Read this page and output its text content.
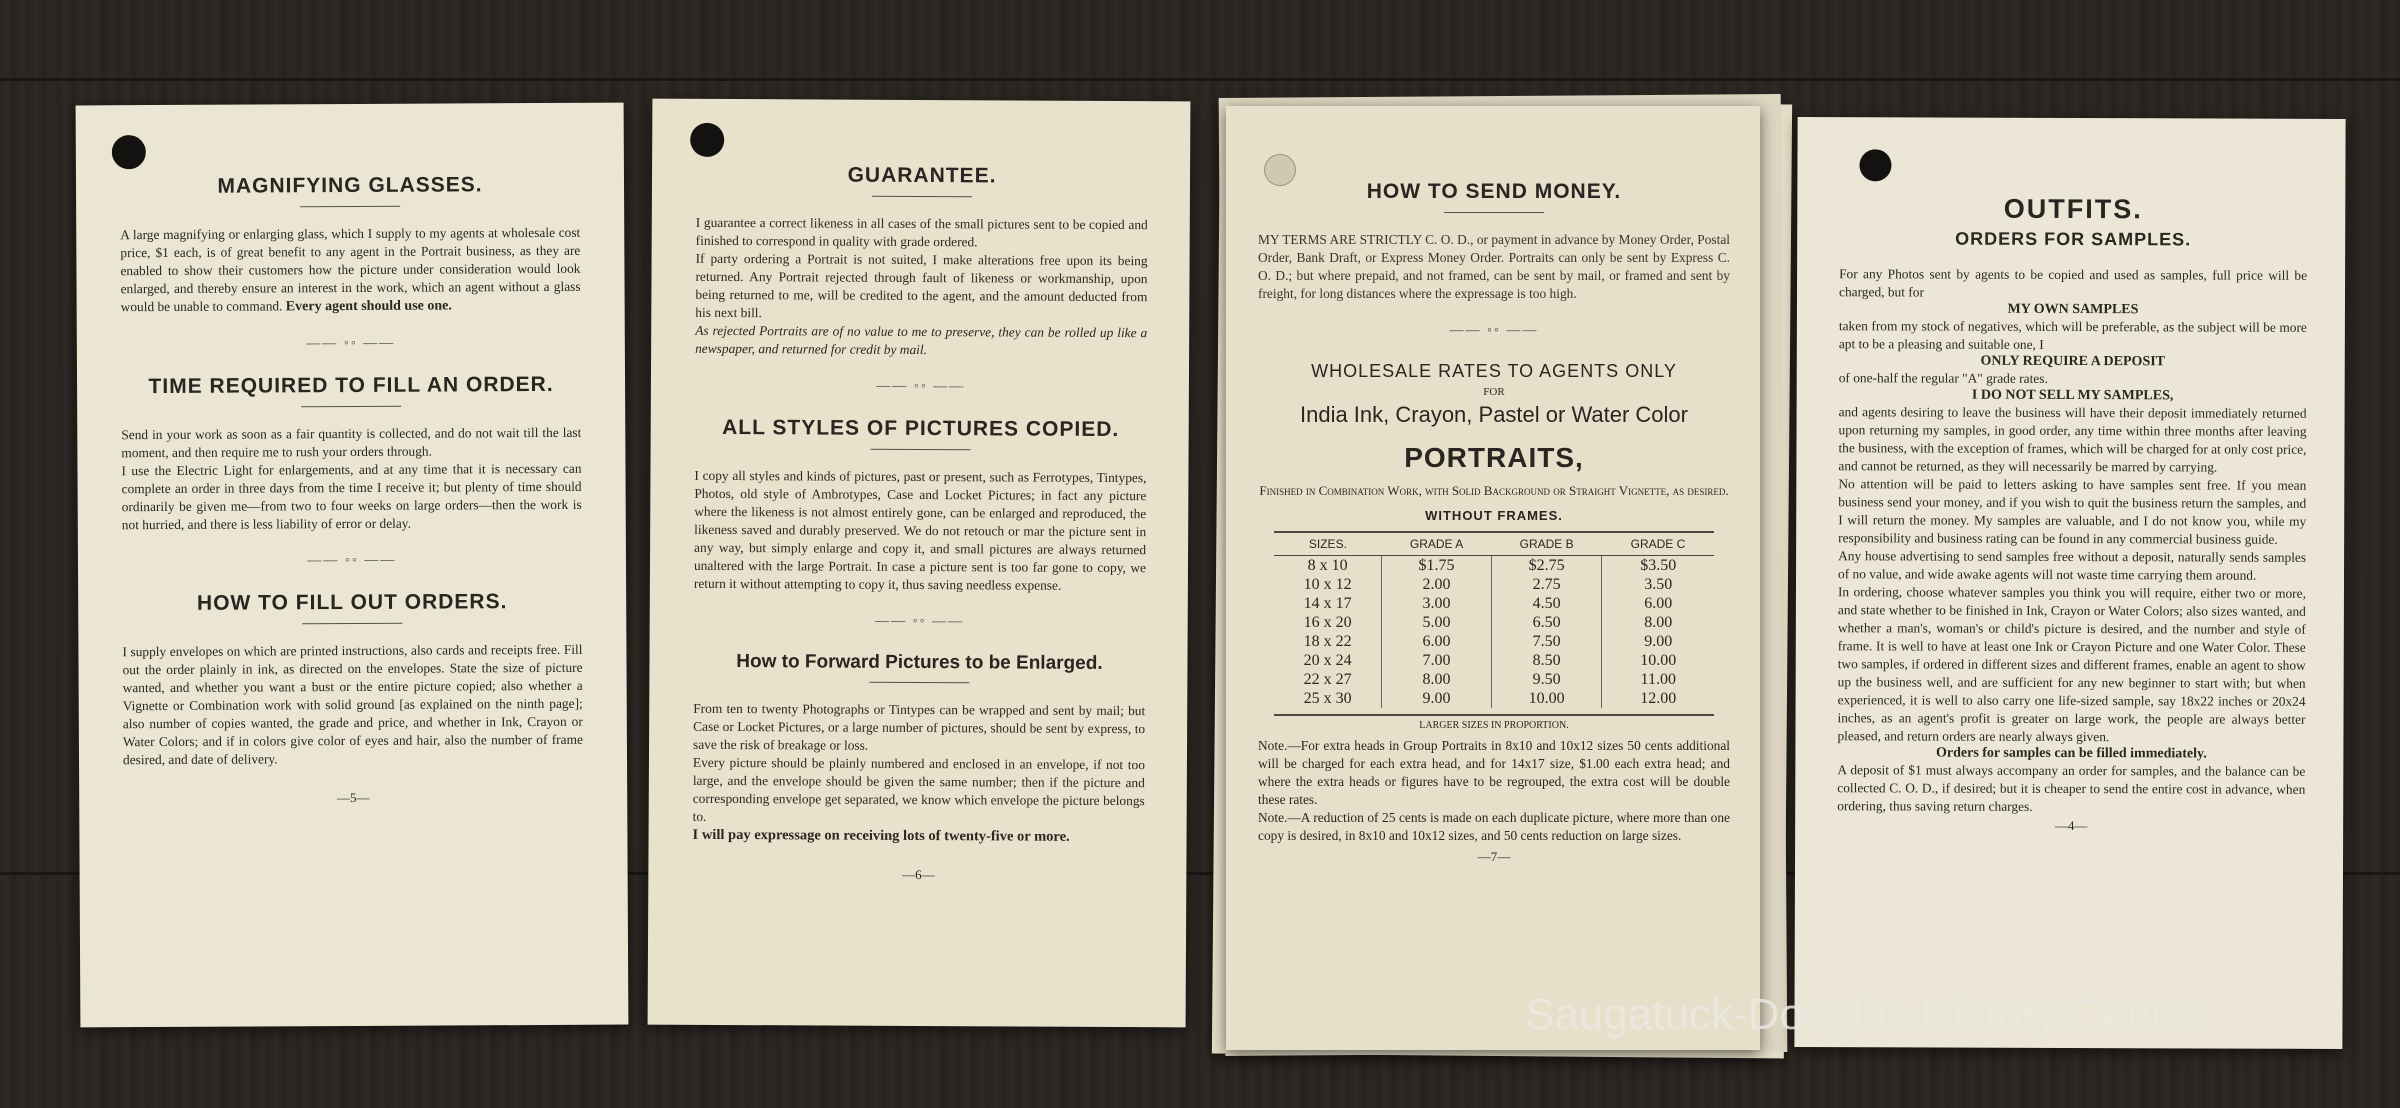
MAGNIFYING GLASSES.

A large magnifying or enlarging glass, which I supply to my agents at wholesale cost price, $1 each, is of great benefit to any agent in the Portrait business, as they are enabled to show their customers how the picture under consideration would look enlarged, and thereby ensure an interest in the work, which an agent without a glass would be unable to command. Every agent should use one.

—— ◦◦ ——
TIME REQUIRED TO FILL AN ORDER.

Send in your work as soon as a fair quantity is collected, and do not wait till the last moment, and then require me to rush your orders through.

I use the Electric Light for enlargements, and at any time that it is necessary can complete an order in three days from the time I receive it; but plenty of time should ordinarily be given me—from two to four weeks on large orders—then the work is not hurried, and there is less liability of error or delay.

—— ◦◦ ——
HOW TO FILL OUT ORDERS.

I supply envelopes on which are printed instructions, also cards and receipts free. Fill out the order plainly in ink, as directed on the envelopes. State the size of picture wanted, and whether you want a bust or the entire picture copied; also whether a Vignette or Combination work with solid ground [as explained on the ninth page]; also number of copies wanted, the grade and price, and whether in Ink, Crayon or Water Colors; and if in colors give color of eyes and hair, also the number of frame desired, and date of delivery.

—5—
GUARANTEE.

I guarantee a correct likeness in all cases of the small pictures sent to be copied and finished to correspond in quality with grade ordered.

If party ordering a Portrait is not suited, I make alterations free upon its being returned. Any Portrait rejected through fault of likeness or workmanship, upon being returned to me, will be credited to the agent, and the amount deducted from his next bill.

As rejected Portraits are of no value to me to preserve, they can be rolled up like a newspaper, and returned for credit by mail.

—— ◦◦ ——
ALL STYLES OF PICTURES COPIED.

I copy all styles and kinds of pictures, past or present, such as Ferrotypes, Tintypes, Photos, old style of Ambrotypes, Case and Locket Pictures; in fact any picture where the likeness is not almost entirely gone, can be enlarged and reproduced, the likeness saved and durably preserved. We do not retouch or mar the picture sent in any way, but simply enlarge and copy it, and small pictures are always returned unaltered with the large Portrait. In case a picture sent is too far gone to copy, we return it without attempting to copy it, thus saving needless expense.

—— ◦◦ ——
How to Forward Pictures to be Enlarged.

From ten to twenty Photographs or Tintypes can be wrapped and sent by mail; but Case or Locket Pictures, or a large number of pictures, should be sent by express, to save the risk of breakage or loss.

Every picture should be plainly numbered and enclosed in an envelope, if not too large, and the envelope should be given the same number; then if the picture and corresponding envelope get separated, we know which envelope the picture belongs to.

I will pay expressage on receiving lots of twenty-five or more.

—6—
HOW TO SEND MONEY.

MY TERMS ARE STRICTLY C. O. D., or payment in advance by Money Order, Postal Order, Bank Draft, or Express Money Order. Portraits can only be sent by Express C. O. D.; but where prepaid, and not framed, can be sent by mail, or framed and sent by freight, for long distances where the expressage is too high.

—— ◦◦ ——
WHOLESALE RATES TO AGENTS ONLY
FOR
India Ink, Crayon, Pastel or Water Color
PORTRAITS,
Finished in Combination Work, with Solid Background or Straight Vignette, as desired.
WITHOUT FRAMES.
SIZES.	GRADE A	GRADE B	GRADE C
8 x 10	$1.75	$2.75	$3.50
10 x 12	2.00	2.75	3.50
14 x 17	3.00	4.50	6.00
16 x 20	5.00	6.50	8.00
18 x 22	6.00	7.50	9.00
20 x 24	7.00	8.50	10.00
22 x 27	8.00	9.50	11.00
25 x 30	9.00	10.00	12.00
LARGER SIZES IN PROPORTION.

Note.—For extra heads in Group Portraits in 8x10 and 10x12 sizes 50 cents additional will be charged for each extra head, and for 14x17 size, $1.00 each extra head; and where the extra heads or figures have to be regrouped, the extra cost will be double these rates.

Note.—A reduction of 25 cents is made on each duplicate picture, where more than one copy is desired, in 8x10 and 10x12 sizes, and 50 cents reduction on large sizes.

—7—
OUTFITS.
ORDERS FOR SAMPLES.

For any Photos sent by agents to be copied and used as samples, full price will be charged, but for

MY OWN SAMPLES

taken from my stock of negatives, which will be preferable, as the subject will be more apt to be a pleasing and suitable one, I

ONLY REQUIRE A DEPOSIT

of one-half the regular "A" grade rates.

I DO NOT SELL MY SAMPLES,

and agents desiring to leave the business will have their deposit immediately returned upon returning my samples, in good order, any time within three months after leaving the business, with the exception of frames, which will be charged for at only cost price, and cannot be returned, as they will necessarily be marred by carrying.

No attention will be paid to letters asking to have samples sent free. If you mean business send your money, and if you wish to quit the business return the samples, and I will return the money. My samples are valuable, and I do not know you, while my responsibility and business rating can be found in any commercial business guide.

Any house advertising to send samples free without a deposit, naturally sends samples of no value, and wide awake agents will not waste time carrying them around.

In ordering, choose whatever samples you think you will require, either two or more, and state whether to be finished in Ink, Crayon or Water Colors; also sizes wanted, and whether a man's, woman's or child's picture is desired, and the number and style of frame. It is well to have at least one Ink or Crayon Picture and one Water Color. These two samples, if ordered in different sizes and different frames, enable an agent to show up the business well, and are sufficient for any new beginner to start with; but when experienced, it is well to also carry one life-sized sample, say 18x22 inches or 20x24 inches, as an agent's profit is greater on large work, the people are always better pleased, and return orders are nearly always given.

Orders for samples can be filled immediately.

A deposit of $1 must always accompany an order for samples, and the balance can be collected C. O. D., if desired; but it is cheaper to send the entire cost in advance, when ordering, thus saving return charges.

—4—
Saugatuck-Douglas History Center
